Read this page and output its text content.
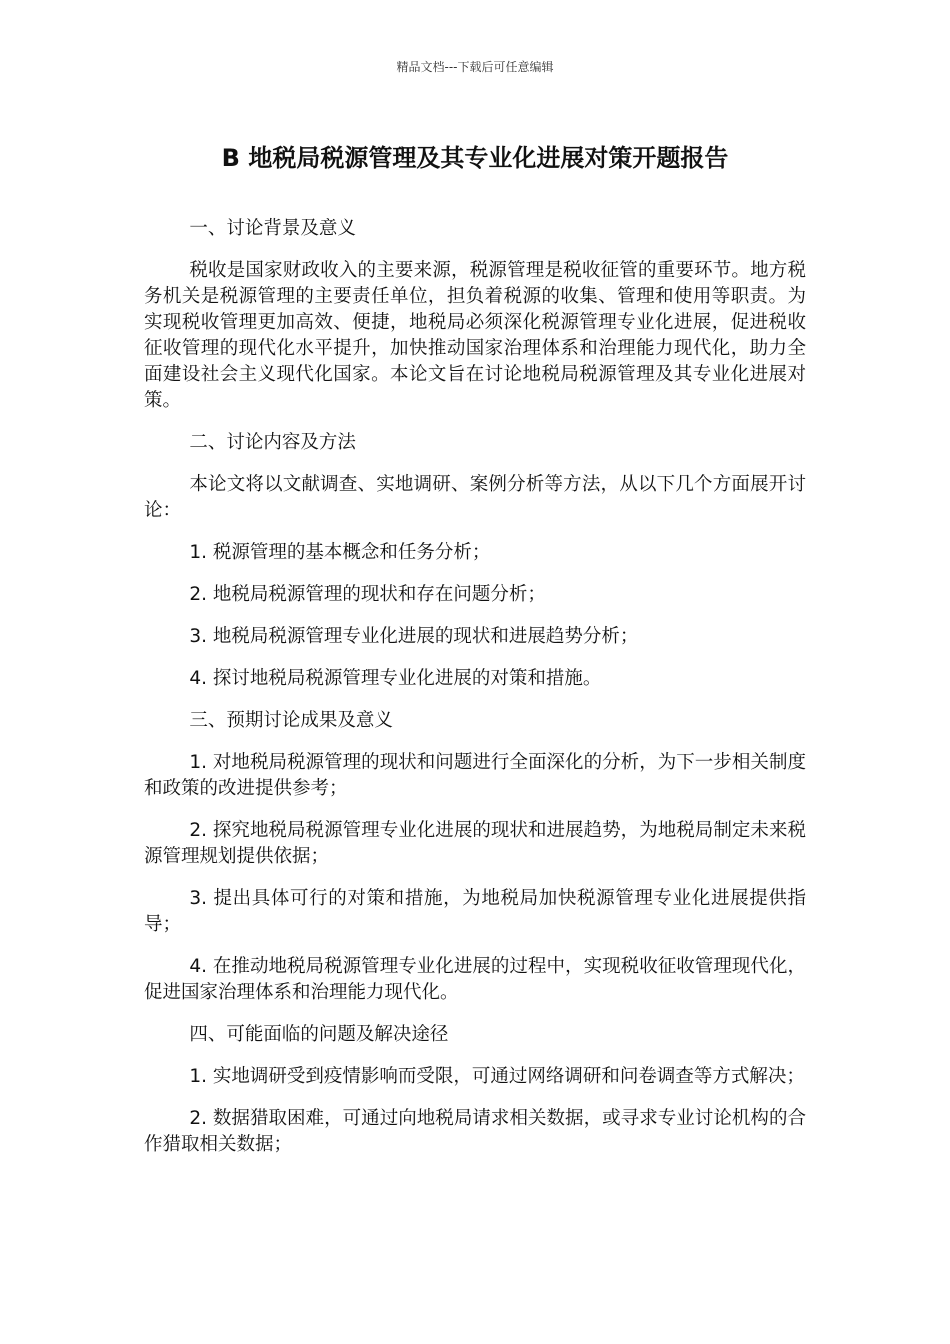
精品文档---下载后可任意编辑
B 地税局税源管理及其专业化进展对策开题报告

一、讨论背景及意义

税收是国家财政收入的主要来源，税源管理是税收征管的重要环节。地方税务机关是税源管理的主要责任单位，担负着税源的收集、管理和使用等职责。为实现税收管理更加高效、便捷，地税局必须深化税源管理专业化进展，促进税收征收管理的现代化水平提升，加快推动国家治理体系和治理能力现代化，助力全面建设社会主义现代化国家。本论文旨在讨论地税局税源管理及其专业化进展对策。

二、讨论内容及方法

本论文将以文献调查、实地调研、案例分析等方法，从以下几个方面展开讨论：

1. 税源管理的基本概念和任务分析；

2. 地税局税源管理的现状和存在问题分析；

3. 地税局税源管理专业化进展的现状和进展趋势分析；

4. 探讨地税局税源管理专业化进展的对策和措施。

三、预期讨论成果及意义

1. 对地税局税源管理的现状和问题进行全面深化的分析，为下一步相关制度和政策的改进提供参考；

2. 探究地税局税源管理专业化进展的现状和进展趋势，为地税局制定未来税源管理规划提供依据；

3. 提出具体可行的对策和措施，为地税局加快税源管理专业化进展提供指导；

4. 在推动地税局税源管理专业化进展的过程中，实现税收征收管理现代化，促进国家治理体系和治理能力现代化。

四、可能面临的问题及解决途径

1. 实地调研受到疫情影响而受限，可通过网络调研和问卷调查等方式解决；

2. 数据猎取困难，可通过向地税局请求相关数据，或寻求专业讨论机构的合作猎取相关数据；
